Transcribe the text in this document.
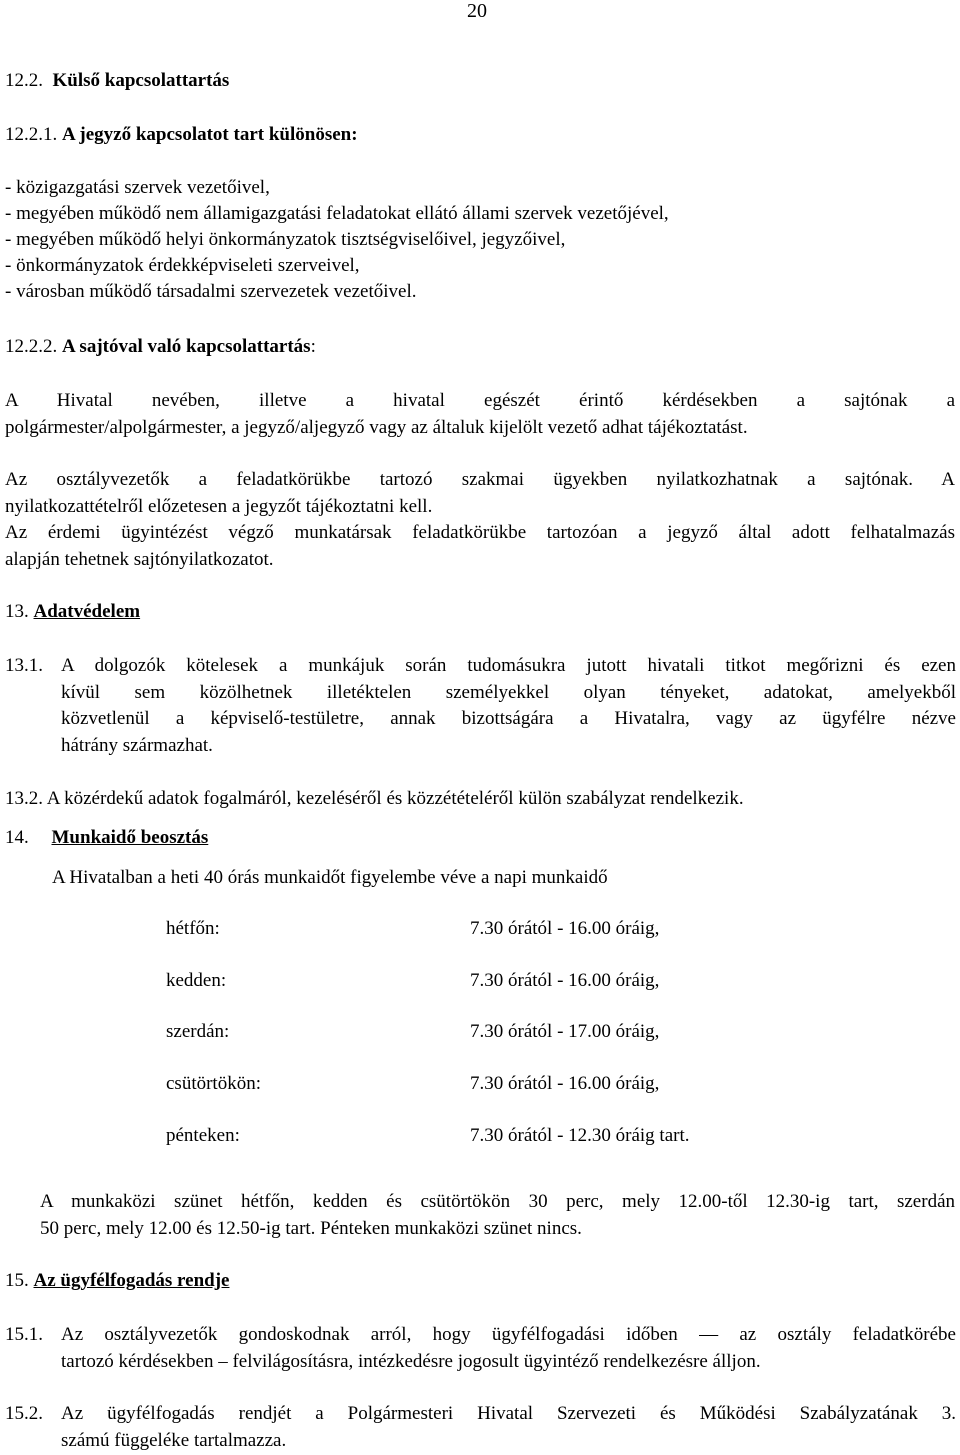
20
12.2. Külső kapcsolattartás
12.2.1. A jegyző kapcsolatot tart különösen:
- közigazgatási szervek vezetőivel,
- megyében működő nem államigazgatási feladatokat ellátó állami szervek vezetőjével,
- megyében működő helyi önkormányzatok tisztségviselőivel, jegyzőivel,
- önkormányzatok érdekképviseleti szerveivel,
- városban működő társadalmi szervezetek vezetőivel.
12.2.2. A sajtóval való kapcsolattartás:
A Hivatal nevében, illetve a hivatal egészét érintő kérdésekben a sajtónak a
polgármester/alpolgármester, a jegyző/aljegyző vagy az általuk kijelölt vezető adhat tájékoztatást.
Az osztályvezetők a feladatkörükbe tartozó szakmai ügyekben nyilatkozhatnak a sajtónak. A
nyilatkozattételről előzetesen a jegyzőt tájékoztatni kell.
Az érdemi ügyintézést végző munkatársak feladatkörükbe tartozóan a jegyző által adott felhatalmazás
alapján tehetnek sajtónyilatkozatot.
13. Adatvédelem
13.1. A dolgozók kötelesek a munkájuk során tudomásukra jutott hivatali titkot megőrizni és ezen
kívül sem közölhetnek illetéktelen személyekkel olyan tényeket, adatokat, amelyekből
közvetlenül a képviselő-testületre, annak bizottságára a Hivatalra, vagy az ügyfélre nézve
hátrány származhat.
13.2. A közérdekű adatok fogalmáról, kezeléséről és közzétételéről külön szabályzat rendelkezik.
14. Munkaidő beosztás
A Hivatalban a heti 40 órás munkaidőt figyelembe véve a napi munkaidő
hétfőn:	7.30 órától - 16.00 óráig,
kedden:	7.30 órától - 16.00 óráig,
szerdán:	7.30 órától - 17.00 óráig,
csütörtökön:	7.30 órától - 16.00 óráig,
pénteken:	7.30 órától - 12.30 óráig tart.
A munkaközi szünet hétfőn, kedden és csütörtökön 30 perc, mely 12.00-től 12.30-ig tart, szerdán
50 perc, mely 12.00 és 12.50-ig tart. Pénteken munkaközi szünet nincs.
15. Az ügyfélfogadás rendje
15.1. Az osztályvezetők gondoskodnak arról, hogy ügyfélfogadási időben — az osztály feladatkörébe
tartozó kérdésekben – felvilágosításra, intézkedésre jogosult ügyintéző rendelkezésre álljon.
15.2. Az ügyfélfogadás rendjét a Polgármesteri Hivatal Szervezeti és Működési Szabályzatának 3.
számú függeléke tartalmazza.
